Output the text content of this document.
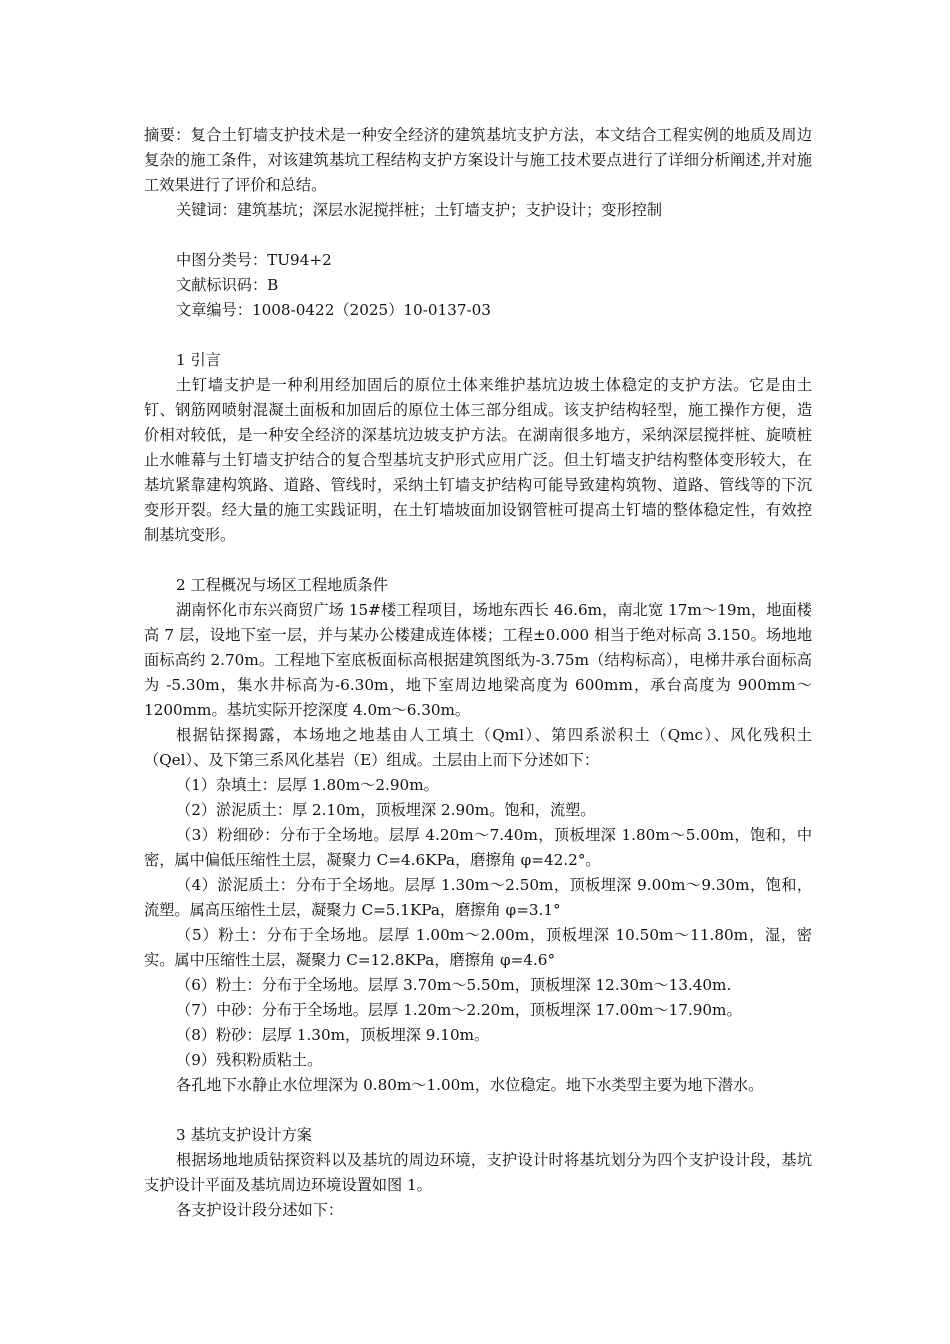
摘要：复合土钉墙支护技术是一种安全经济的建筑基坑支护方法，本文结合工程实例的地质及周边复杂的施工条件，对该建筑基坑工程结构支护方案设计与施工技术要点进行了详细分析阐述,并对施工效果进行了评价和总结。

关键词：建筑基坑；深层水泥搅拌桩；土钉墙支护；支护设计；变形控制

中图分类号：TU94+2

文献标识码：B

文章编号：1008-0422（2025）10-0137-03

1 引言

土钉墙支护是一种利用经加固后的原位土体来维护基坑边坡土体稳定的支护方法。它是由土钉、钢筋网喷射混凝土面板和加固后的原位土体三部分组成。该支护结构轻型，施工操作方便，造价相对较低，是一种安全经济的深基坑边坡支护方法。在湖南很多地方，采纳深层搅拌桩、旋喷桩止水帷幕与土钉墙支护结合的复合型基坑支护形式应用广泛。但土钉墙支护结构整体变形较大，在基坑紧靠建构筑路、道路、管线时，采纳土钉墙支护结构可能导致建构筑物、道路、管线等的下沉变形开裂。经大量的施工实践证明，在土钉墙坡面加设钢管桩可提高土钉墙的整体稳定性，有效控制基坑变形。

2 工程概况与场区工程地质条件

湖南怀化市东兴商贸广场 15#楼工程项目，场地东西长 46.6m，南北宽 17m～19m，地面楼高 7 层，设地下室一层，并与某办公楼建成连体楼；工程±0.000 相当于绝对标高 3.150。场地地面标高约 2.70m。工程地下室底板面标高根据建筑图纸为-3.75m（结构标高），电梯井承台面标高为 -5.30m，集水井标高为-6.30m，地下室周边地梁高度为 600mm，承台高度为 900mm～1200mm。基坑实际开挖深度 4.0m～6.30m。

根据钻探揭露，本场地之地基由人工填土（Qml）、第四系淤积土（Qmc）、风化残积土（Qel）、及下第三系风化基岩（E）组成。土层由上而下分述如下：

（1）杂填土：层厚 1.80m～2.90m。

（2）淤泥质土：厚 2.10m，顶板埋深 2.90m。饱和，流塑。

（3）粉细砂：分布于全场地。层厚 4.20m～7.40m，顶板埋深 1.80m～5.00m，饱和，中密，属中偏低压缩性土层，凝聚力 C=4.6KPa，磨擦角 φ=42.2°。

（4）淤泥质土：分布于全场地。层厚 1.30m～2.50m，顶板埋深 9.00m～9.30m，饱和，流塑。属高压缩性土层，凝聚力 C=5.1KPa，磨擦角 φ=3.1°

（5）粉土：分布于全场地。层厚 1.00m～2.00m，顶板埋深 10.50m～11.80m，湿，密实。属中压缩性土层，凝聚力 C=12.8KPa，磨擦角 φ=4.6°

（6）粉土：分布于全场地。层厚 3.70m～5.50m，顶板埋深 12.30m～13.40m.

（7）中砂：分布于全场地。层厚 1.20m～2.20m，顶板埋深 17.00m～17.90m。

（8）粉砂：层厚 1.30m，顶板埋深 9.10m。

（9）残积粉质粘土。

各孔地下水静止水位埋深为 0.80m～1.00m，水位稳定。地下水类型主要为地下潜水。

3 基坑支护设计方案

根据场地地质钻探资料以及基坑的周边环境，支护设计时将基坑划分为四个支护设计段，基坑支护设计平面及基坑周边环境设置如图 1。

各支护设计段分述如下：
